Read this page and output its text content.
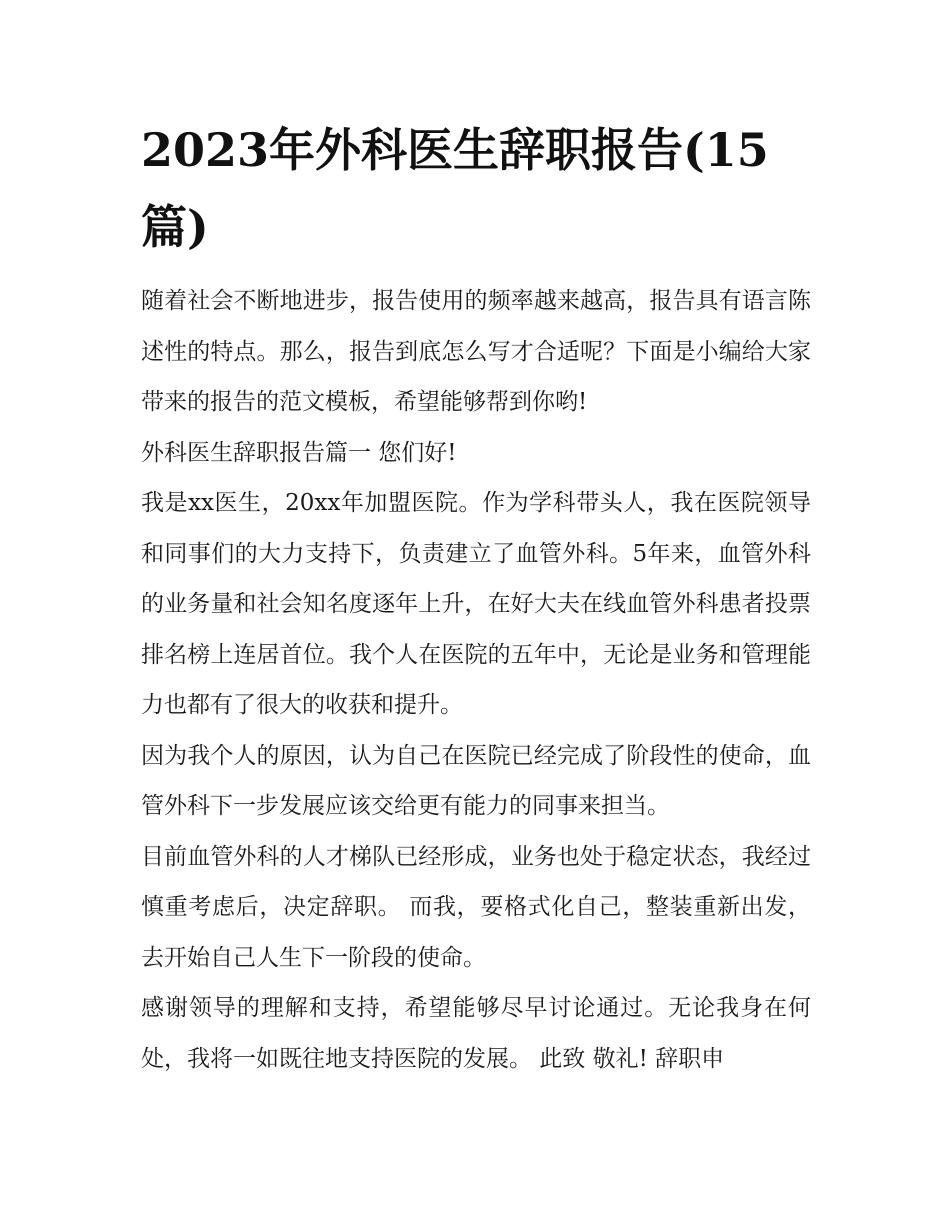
2023年外科医生辞职报告(15篇)

随着社会不断地进步，报告使用的频率越来越高，报告具有语言陈述性的特点。那么，报告到底怎么写才合适呢？下面是小编给大家带来的报告的范文模板，希望能够帮到你哟!

外科医生辞职报告篇一 您们好!

我是xx医生，20xx年加盟医院。作为学科带头人，我在医院领导和同事们的大力支持下，负责建立了血管外科。5年来，血管外科的业务量和社会知名度逐年上升，在好大夫在线血管外科患者投票排名榜上连居首位。我个人在医院的五年中，无论是业务和管理能力也都有了很大的收获和提升。

因为我个人的原因，认为自己在医院已经完成了阶段性的使命，血管外科下一步发展应该交给更有能力的同事来担当。

目前血管外科的人才梯队已经形成，业务也处于稳定状态，我经过慎重考虑后，决定辞职。 而我，要格式化自己，整装重新出发，去开始自己人生下一阶段的使命。

感谢领导的理解和支持，希望能够尽早讨论通过。无论我身在何处，我将一如既往地支持医院的发展。 此致 敬礼! 辞职申
